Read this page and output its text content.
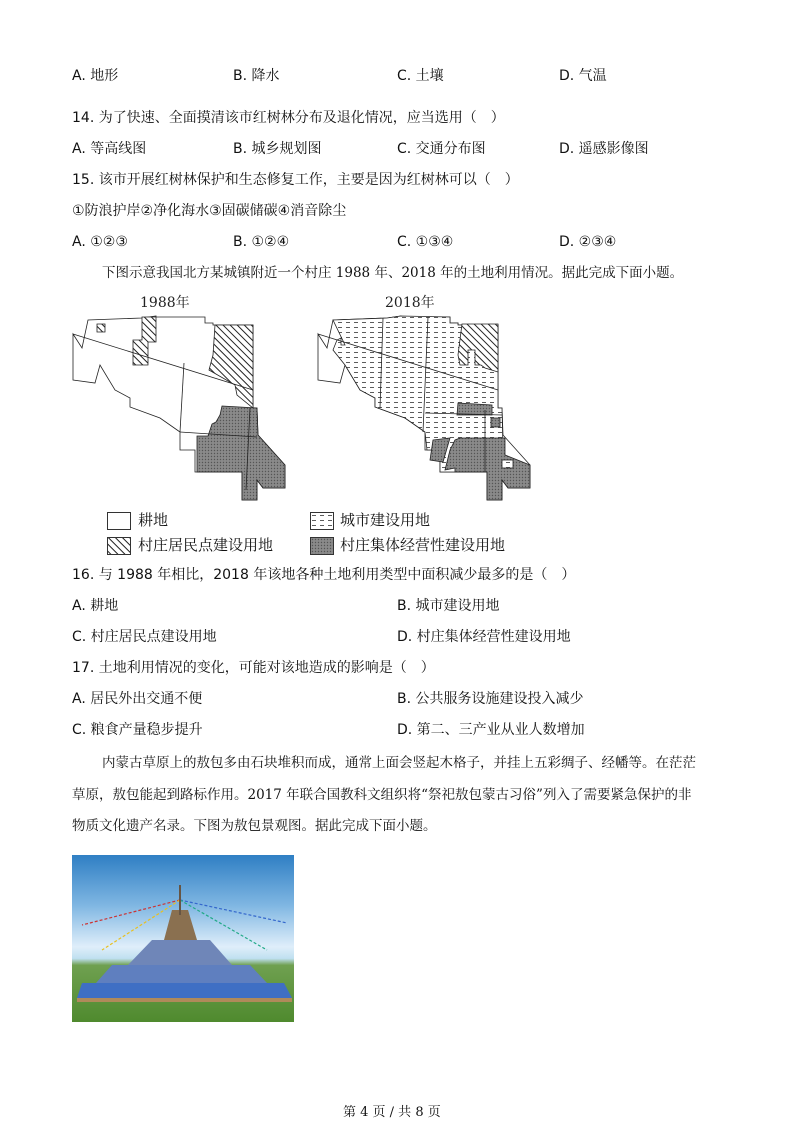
A. 地形	B. 降水	C. 土壤	D. 气温
14. 为了快速、全面摸清该市红树林分布及退化情况，应当选用（　）
A. 等高线图	B. 城乡规划图	C. 交通分布图	D. 遥感影像图
15. 该市开展红树林保护和生态修复工作，主要是因为红树林可以（　）
①防浪护岸②净化海水③固碳储碳④消音除尘
A. ①②③	B. ①②④	C. ①③④	D. ②③④
下图示意我国北方某城镇附近一个村庄 1988 年、2018 年的土地利用情况。据此完成下面小题。
1988年	2018年
耕地	城市建设用地
村庄居民点建设用地	村庄集体经营性建设用地
16. 与 1988 年相比，2018 年该地各种土地利用类型中面积减少最多的是（　）
A. 耕地	B. 城市建设用地
C. 村庄居民点建设用地	D. 村庄集体经营性建设用地
17. 土地利用情况的变化，可能对该地造成的影响是（　）
A. 居民外出交通不便	B. 公共服务设施建设投入减少
C. 粮食产量稳步提升	D. 第二、三产业从业人数增加
内蒙古草原上的敖包多由石块堆积而成，通常上面会竖起木格子，并挂上五彩绸子、经幡等。在茫茫
草原，敖包能起到路标作用。2017 年联合国教科文组织将“祭祀敖包蒙古习俗”列入了需要紧急保护的非
物质文化遗产名录。下图为敖包景观图。据此完成下面小题。
第 4 页 / 共 8 页
